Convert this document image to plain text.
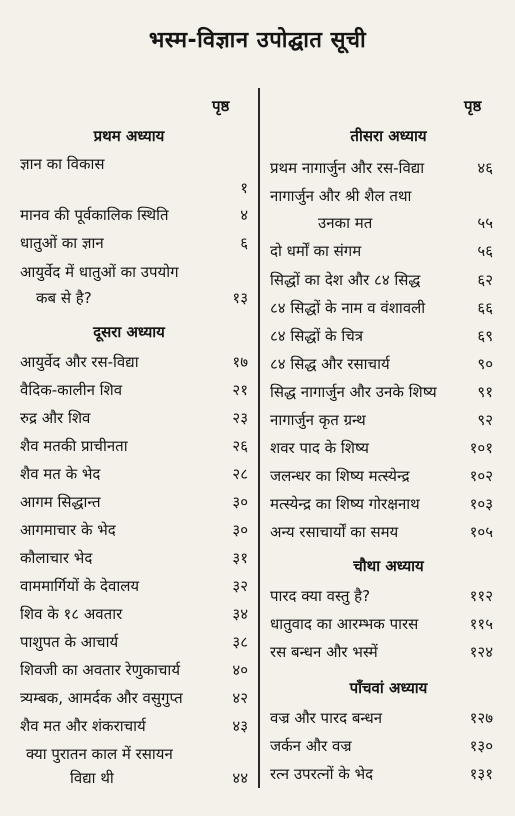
भस्म-विज्ञान उपोद्घात सूची
पृष्ठ
प्रथम अध्याय
ज्ञान का विकास
१
मानव की पूर्वकालिक स्थिति	४
धातुओं का ज्ञान	६
आयुर्वेद में धातुओं का उपयोग
कब से है?	१३
दूसरा अध्याय
आयुर्वेद और रस-विद्या	१७
वैदिक-कालीन शिव	२१
रुद्र और शिव	२३
शैव मतकी प्राचीनता	२६
शैव मत के भेद	२८
आगम सिद्धान्त	३०
आगमाचार के भेद	३०
कौलाचार भेद	३१
वाममार्गियों के देवालय	३२
शिव के १८ अवतार	३४
पाशुपत के आचार्य	३८
शिवजी का अवतार रेणुकाचार्य	४०
त्र्यम्बक, आमर्दक और वसुगुप्त	४२
शैव मत और शंकराचार्य	४३
क्या पुरातन काल में रसायन
विद्या थी	४४
पृष्ठ
तीसरा अध्याय
प्रथम नागार्जुन और रस-विद्या	४६
नागार्जुन और श्री शैल तथा
उनका मत	५५
दो धर्मों का संगम	५६
सिद्धों का देश और ८४ सिद्ध	६२
८४ सिद्धों के नाम व वंशावली	६६
८४ सिद्धों के चित्र	६९
८४ सिद्ध और रसाचार्य	९०
सिद्ध नागार्जुन और उनके शिष्य	९१
नागार्जुन कृत ग्रन्थ	९२
शवर पाद के शिष्य	१०१
जलन्धर का शिष्य मत्स्येन्द्र	१०२
मत्स्येन्द्र का शिष्य गोरक्षनाथ	१०३
अन्य रसाचार्यों का समय	१०५
चौथा अध्याय
पारद क्या वस्तु है?	११२
धातुवाद का आरम्भक पारस	११५
रस बन्धन और भस्में	१२४
पाँचवां अध्याय
वज्र और पारद बन्धन	१२७
जर्कन और वज्र	१३०
रत्न उपरत्नों के भेद	१३१
